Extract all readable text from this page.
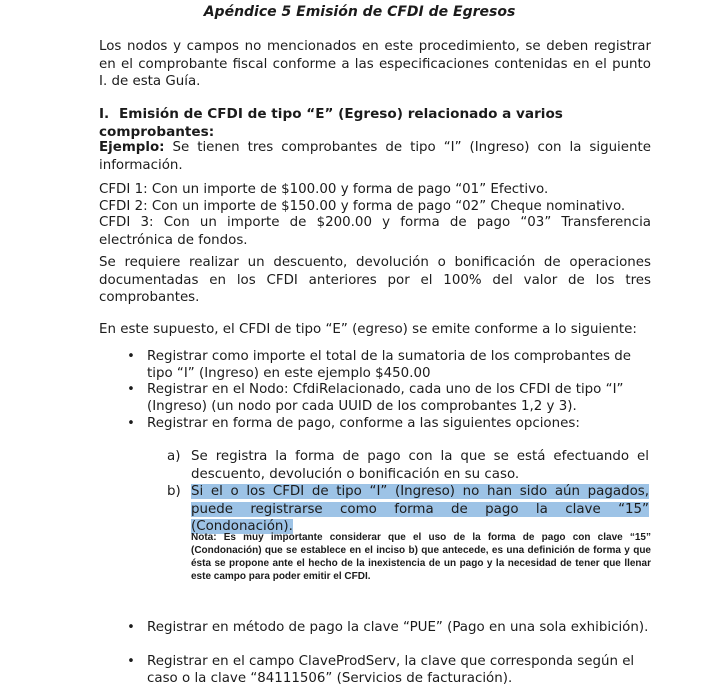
Apéndice 5 Emisión de CFDI de Egresos
Los nodos y campos no mencionados en este procedimiento, se deben registrar en el comprobante fiscal conforme a las especificaciones contenidas en el punto I. de esta Guía.
I. Emisión de CFDI de tipo “E” (Egreso) relacionado a varios comprobantes:
Ejemplo: Se tienen tres comprobantes de tipo “I” (Ingreso) con la siguiente información.
CFDI 1: Con un importe de $100.00 y forma de pago “01” Efectivo.
CFDI 2: Con un importe de $150.00 y forma de pago “02” Cheque nominativo.
CFDI 3: Con un importe de $200.00 y forma de pago “03” Transferencia electrónica de fondos.
Se requiere realizar un descuento, devolución o bonificación de operaciones documentadas en los CFDI anteriores por el 100% del valor de los tres comprobantes.
En este supuesto, el CFDI de tipo “E” (egreso) se emite conforme a lo siguiente:
• Registrar como importe el total de la sumatoria de los comprobantes de tipo “I” (Ingreso) en este ejemplo $450.00
• Registrar en el Nodo: CfdiRelacionado, cada uno de los CFDI de tipo “I” (Ingreso) (un nodo por cada UUID de los comprobantes 1,2 y 3).
• Registrar en forma de pago, conforme a las siguientes opciones:
a) Se registra la forma de pago con la que se está efectuando el descuento, devolución o bonificación en su caso.
b) Si el o los CFDI de tipo “I” (Ingreso) no han sido aún pagados, puede registrarse como forma de pago la clave “15” (Condonación).
Nota: Es muy importante considerar que el uso de la forma de pago con clave “15” (Condonación) que se establece en el inciso b) que antecede, es una definición de forma y que ésta se propone ante el hecho de la inexistencia de un pago y la necesidad de tener que llenar este campo para poder emitir el CFDI.
• Registrar en método de pago la clave “PUE” (Pago en una sola exhibición).
• Registrar en el campo ClaveProdServ, la clave que corresponda según el caso o la clave “84111506” (Servicios de facturación).
